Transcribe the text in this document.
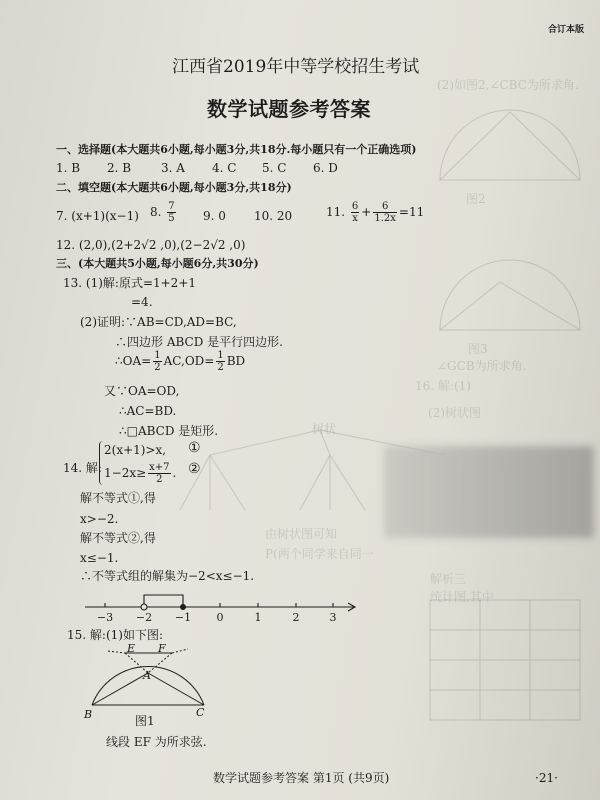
(2)如图2,∠CBC为所求角.
图2
图3
∠GCB为所求角.
16. 解:(1)
(2)树状图
树状
由树状图可知
P(两个同学来自同一
解析三
统计图,其中
合订本版
江西省2019年中等学校招生考试
数学试题参考答案
一、选择题(本大题共6小题,每小题3分,共18分.每小题只有一个正确选项)
1. B 2. B 3. A 4. C 5. C 6. D
二、填空题(本大题共6小题,每小题3分,共18分)
7. (x+1)(x−1) 8. $\frac{7}{5} 9$. 0 10. 20	11. $\frac{6}{x} + \frac{6}{1.2x} =11$
12. (2,0),(2+2√2 ,0),(2−2√2 ,0)
三、(本大题共5小题,每小题6分,共30分)
13. (1)解:原式=1+2+1
=4.
(2)证明:∵AB=CD,AD=BC,
∴四边形 ABCD 是平行四边形.
∴OA= $\frac{1}{2} AC,OD= \frac{1}{2}$ BD
又∵OA=OD,
∴AC=BD.
∴□ABCD 是矩形.
14. 解:
2(x+1)>x, ①
$1-2x\ge \frac{x+7}{2}$ . ②
解不等式①,得
x>−2.
解不等式②,得
x≤−1.
∴不等式组的解集为−2<x≤−1.
−3 −2 −1 0	1	2	3
15. 解:(1)如下图:
E F
A
B	C
图1
线段 EF 为所求弦.
数学试题参考答案 第1页 (共9页)	·21·
